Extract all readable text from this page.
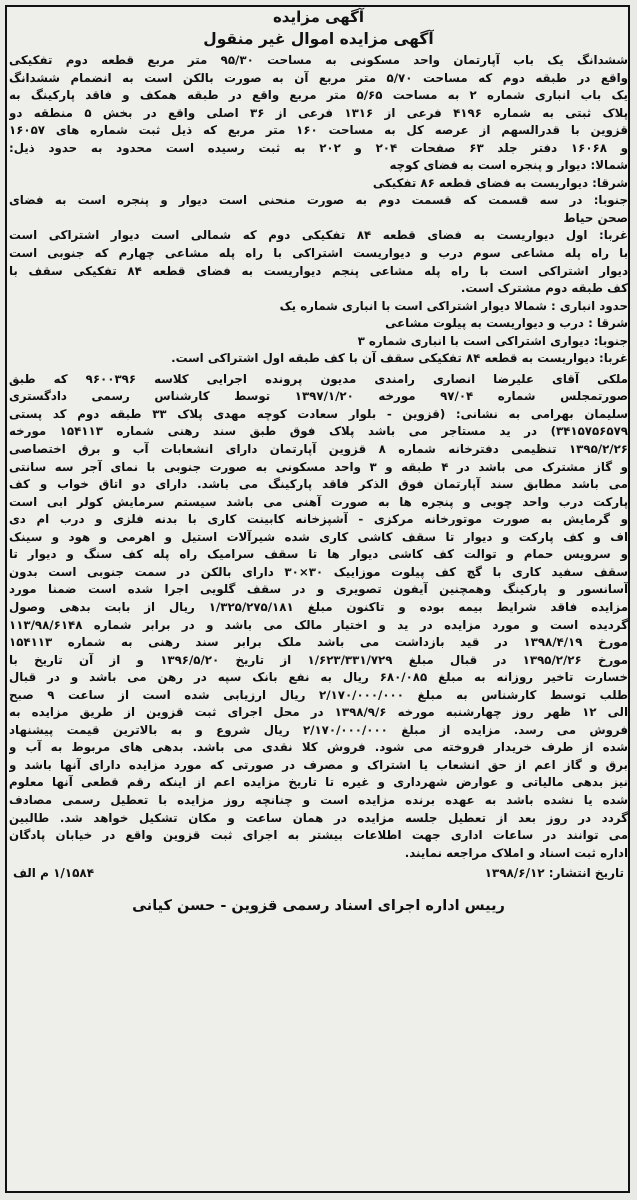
آگهی مزایده
آگهی مزایده اموال غیر منقول
ششدانگ یک باب آپارتمان واحد مسکونی به مساحت ۹۵/۳۰ متر مربع قطعه دوم تفکیکی
واقع در طبقه دوم که مساحت ۵/۷۰ متر مربع آن به صورت بالکن است به انضمام ششدانگ
یک باب انباری شماره ۲ به مساحت ۵/۶۵ متر مربع واقع در طبقه همکف و فاقد پارکینگ به
پلاک ثبتی به شماره ۴۱۹۶ فرعی از ۱۳۱۶ فرعی از ۳۶ اصلی واقع در بخش ۵ منطقه دو
قزوین با قدرالسهم از عرصه کل به مساحت ۱۶۰ متر مربع که ذیل ثبت شماره های ۱۶۰۵۷
و ۱۶۰۶۸ دفتر جلد ۶۳ صفحات ۲۰۴ و ۲۰۲ به ثبت رسیده است محدود به حدود ذیل:
شمالا: دیوار و پنجره است به فضای کوچه
شرقا: دیواریست به فضای قطعه ۸۶ تفکیکی
جنوبا: در سه قسمت که قسمت دوم به صورت منحنی است دیوار و پنجره است به فضای
صحن حیاط
غربا: اول دیواریست به فضای قطعه ۸۴ تفکیکی دوم که شمالی است دیوار اشتراکی است
با راه پله مشاعی سوم درب و دیواریست اشتراکی با راه پله مشاعی چهارم که جنوبی است
دیوار اشتراکی است با راه پله مشاعی پنجم دیواریست به فضای قطعه ۸۴ تفکیکی سقف با
کف طبقه دوم مشترک است.
حدود انباری : شمالا دیوار اشتراکی است با انباری شماره یک
شرقا : درب و دیواریست به پیلوت مشاعی
جنوبا: دیواری اشتراکی است با انباری شماره ۳
غربا: دیواریست به قطعه ۸۴ تفکیکی سقف آن با کف طبقه اول اشتراکی است.
ملکی آقای علیرضا انصاری رامندی مدیون پرونده اجرایی کلاسه ۹۶۰۰۳۹۶ که طبق
صورتمجلس شماره ۹۷/۰۴ مورخه ۱۳۹۷/۱/۲۰ توسط کارشناس رسمی دادگستری
سلیمان بهرامی به نشانی: (قزوین - بلوار سعادت کوچه مهدی پلاک ۳۳ طبقه دوم کد پستی
۳۴۱۵۷۵۶۵۷۹) در ید مستاجر می باشد پلاک فوق طبق سند رهنی شماره ۱۵۴۱۱۳ مورخه
۱۳۹۵/۲/۲۶ تنظیمی دفترخانه شماره ۸ قزوین آپارتمان دارای انشعابات آب و برق اختصاصی
و گاز مشترک می باشد در ۴ طبقه و ۳ واحد مسکونی به صورت جنوبی با نمای آجر سه سانتی
می باشد مطابق سند آپارتمان فوق الذکر فاقد پارکینگ می باشد. دارای دو اتاق خواب و کف
پارکت درب واحد چوبی و پنجره ها به صورت آهنی می باشد سیستم سرمایش کولر ابی است
و گرمایش به صورت موتورخانه مرکزی - آشپزخانه کابینت کاری با بدنه فلزی و درب ام دی
اف و کف پارکت و دیوار تا سقف کاشی کاری شده شیرآلات استیل و اهرمی و هود و سینک
و سرویس حمام و توالت کف کاشی دیوار ها تا سقف سرامیک راه پله کف سنگ و دیوار تا
سقف سفید کاری با گچ کف پیلوت موزاییک ۳۰×۳۰ دارای بالکن در سمت جنوبی است بدون
آسانسور و پارکینگ وهمچنین آیفون تصویری و در سقف گلویی اجرا شده است ضمنا مورد
مزایده فاقد شرایط بیمه بوده و تاکنون مبلغ ۱/۳۲۵/۲۷۵/۱۸۱ ریال از بابت بدهی وصول
گردیده است و مورد مزایده در ید و اختیار مالک می باشد و در برابر شماره ۱۱۳/۹۸/۶۱۴۸
مورخ ۱۳۹۸/۴/۱۹ در قید بازداشت می باشد ملک برابر سند رهنی به شماره ۱۵۴۱۱۳
مورخ ۱۳۹۵/۲/۲۶ در قبال مبلغ ۱/۶۲۳/۳۳۱/۷۲۹ از تاریخ ۱۳۹۶/۵/۲۰ و از آن تاریخ با
خسارت تاخیر روزانه به مبلغ ۶۸۰/۰۸۵ ریال به نفع بانک سپه در رهن می باشد و در قبال
طلب توسط کارشناس به مبلغ ۲/۱۷۰/۰۰۰/۰۰۰ ریال ارزیابی شده است از ساعت ۹ صبح
الی ۱۲ ظهر روز چهارشنبه مورخه ۱۳۹۸/۹/۶ در محل اجرای ثبت قزوین از طریق مزایده به
فروش می رسد. مزایده از مبلغ ۲/۱۷۰/۰۰۰/۰۰۰ ریال شروع و به بالاترین قیمت پیشنهاد
شده از طرف خریدار فروخته می شود. فروش کلا نقدی می باشد. بدهی های مربوط به آب و
برق و گاز اعم از حق انشعاب یا اشتراک و مصرف در صورتی که مورد مزایده دارای آنها باشد و
نیز بدهی مالیاتی و عوارض شهرداری و غیره تا تاریخ مزایده اعم از اینکه رقم قطعی آنها معلوم
شده یا نشده باشد به عهده برنده مزایده است و چنانچه روز مزایده با تعطیل رسمی مصادف
گردد در روز بعد از تعطیل جلسه مزایده در همان ساعت و مکان تشکیل خواهد شد. طالبین
می توانند در ساعات اداری جهت اطلاعات بیشتر به اجرای ثبت قزوین واقع در خیابان پادگان
اداره ثبت اسناد و املاک مراجعه نمایند.
تاریخ انتشار: ۱۳۹۸/۶/۱۲
۱/۱۵۸۴ م الف
رییس اداره اجرای اسناد رسمی قزوین - حسن کیانی
